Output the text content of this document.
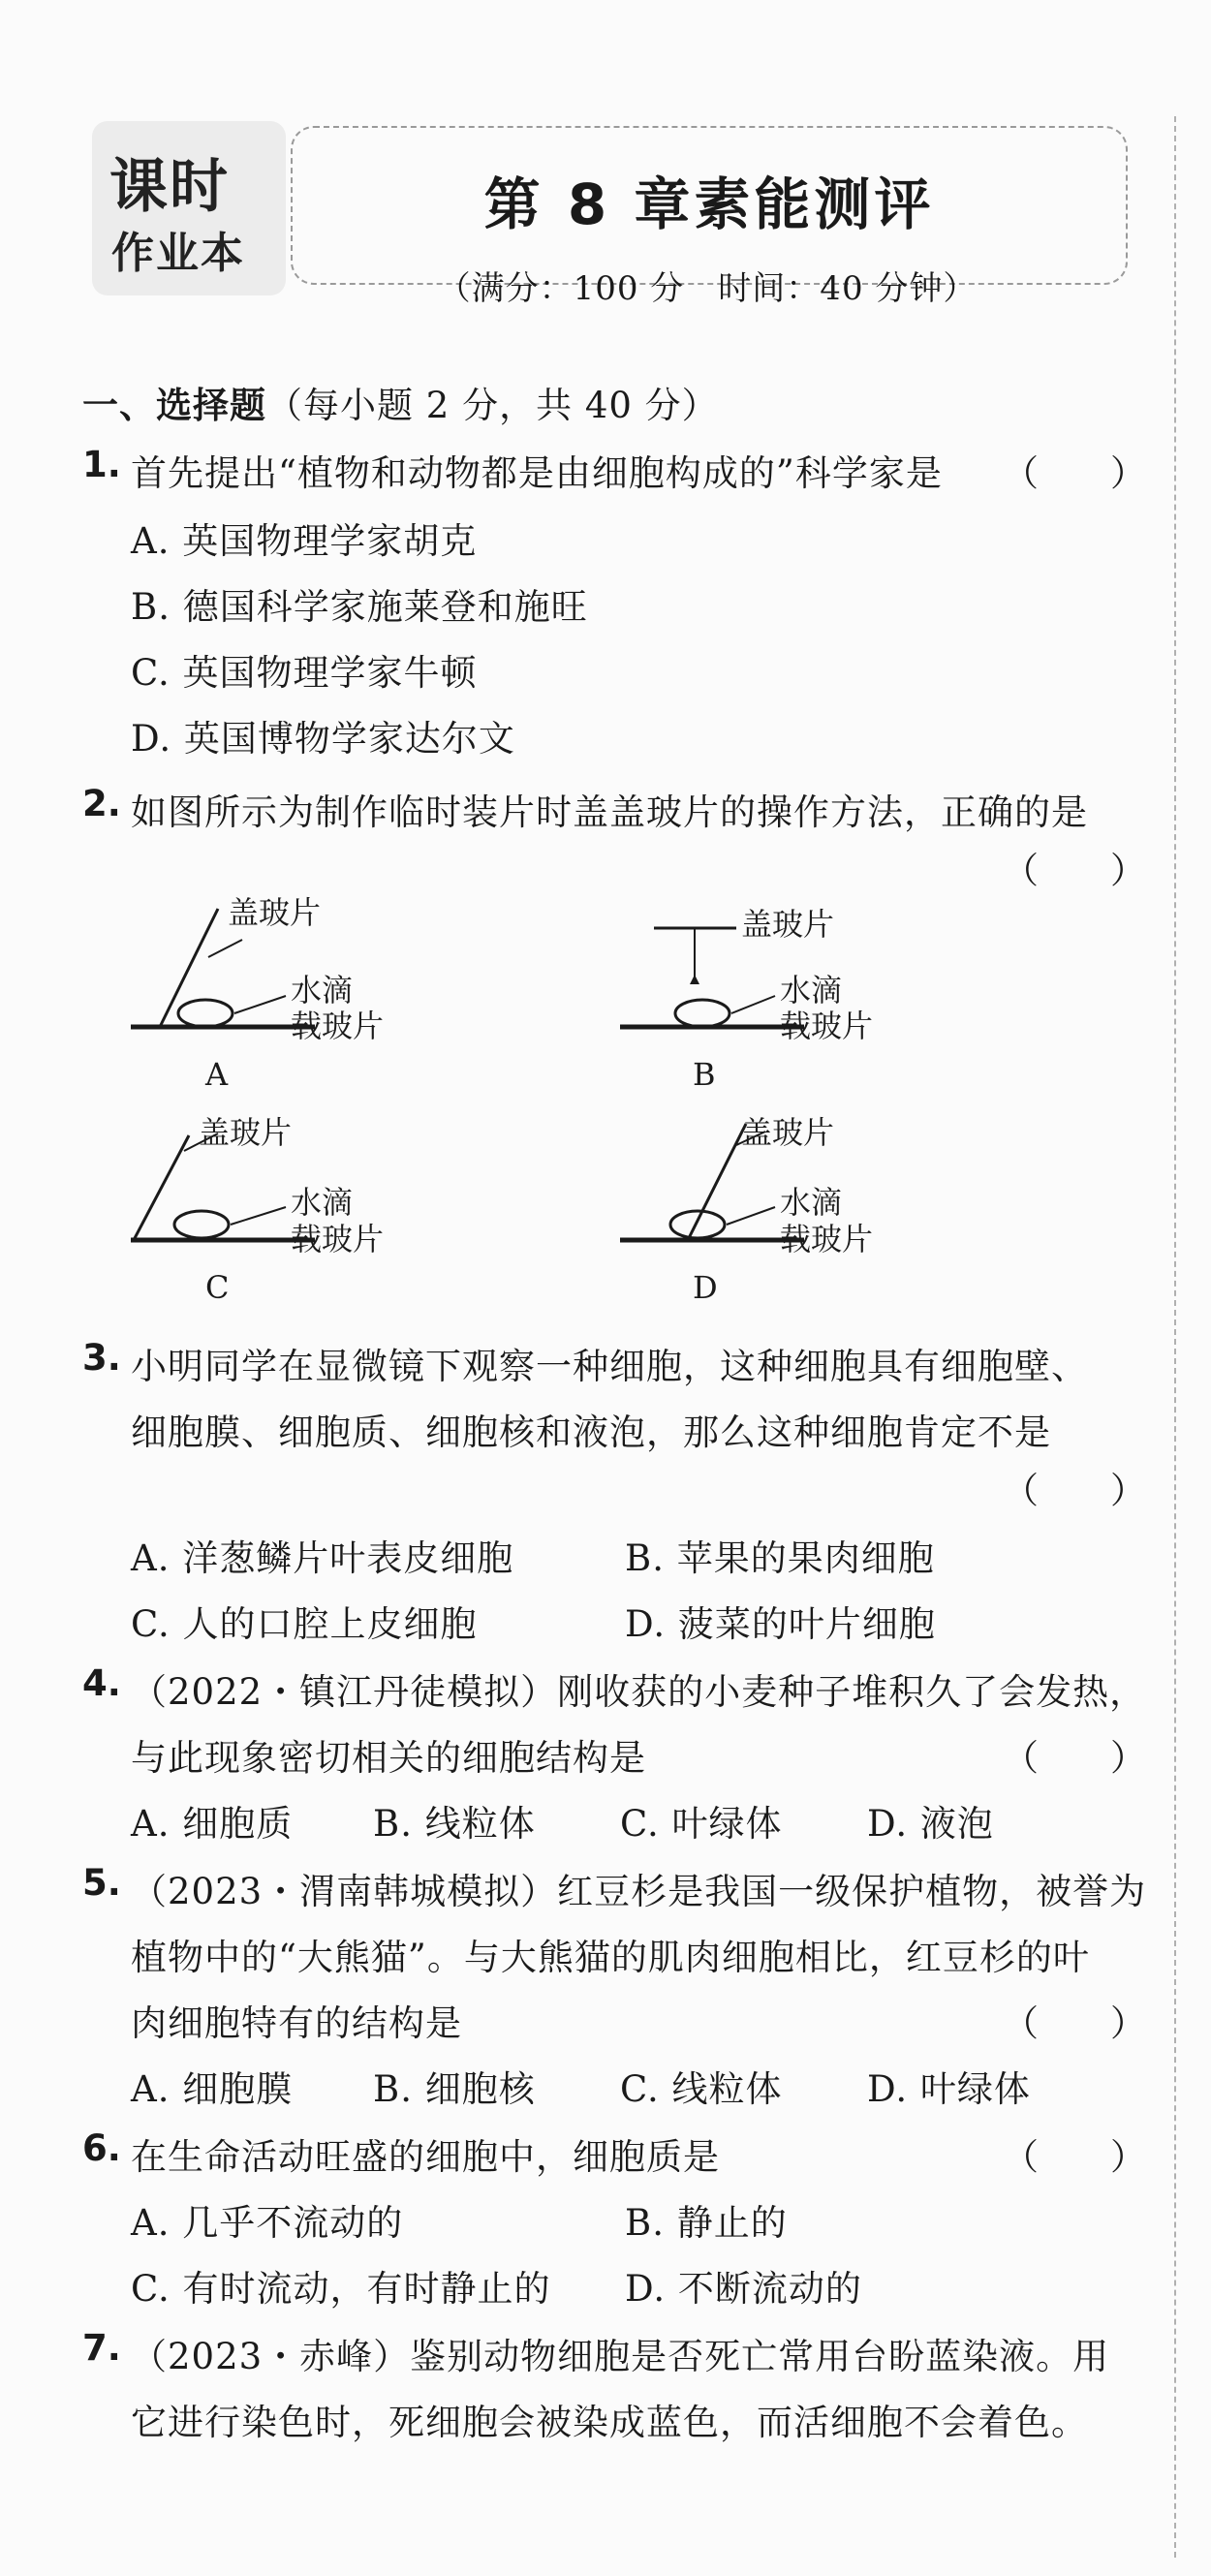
课时
作业本
第 8 章素能测评
（满分：100 分　时间：40 分钟）
一、选择题（每小题 2 分，共 40 分）
1. 首先提出“植物和动物都是由细胞构成的”科学家是 （　　）
A. 英国物理学家胡克
B. 德国科学家施莱登和施旺
C. 英国物理学家牛顿
D. 英国博物学家达尔文
2. 如图所示为制作临时装片时盖盖玻片的操作方法，正确的是
（　　）
盖玻片
水滴
载玻片
A
盖玻片
水滴
载玻片
B
盖玻片
水滴
载玻片
C
盖玻片
水滴
载玻片
D
3. 小明同学在显微镜下观察一种细胞，这种细胞具有细胞壁、
细胞膜、细胞质、细胞核和液泡，那么这种细胞肯定不是
（　　）
A. 洋葱鳞片叶表皮细胞	B. 苹果的果肉细胞
C. 人的口腔上皮细胞	D. 菠菜的叶片细胞
4. （2022・镇江丹徒模拟）刚收获的小麦种子堆积久了会发热，
与此现象密切相关的细胞结构是	（　　）
A. 细胞质 B. 线粒体 C. 叶绿体 D. 液泡
5. （2023・渭南韩城模拟）红豆杉是我国一级保护植物，被誉为
植物中的“大熊猫”。与大熊猫的肌肉细胞相比，红豆杉的叶
肉细胞特有的结构是	（　　）
A. 细胞膜 B. 细胞核 C. 线粒体 D. 叶绿体
6. 在生命活动旺盛的细胞中，细胞质是	（　　）
A. 几乎不流动的	B. 静止的
C. 有时流动，有时静止的 D. 不断流动的
7. （2023・赤峰）鉴别动物细胞是否死亡常用台盼蓝染液。用
它进行染色时，死细胞会被染成蓝色，而活细胞不会着色。
